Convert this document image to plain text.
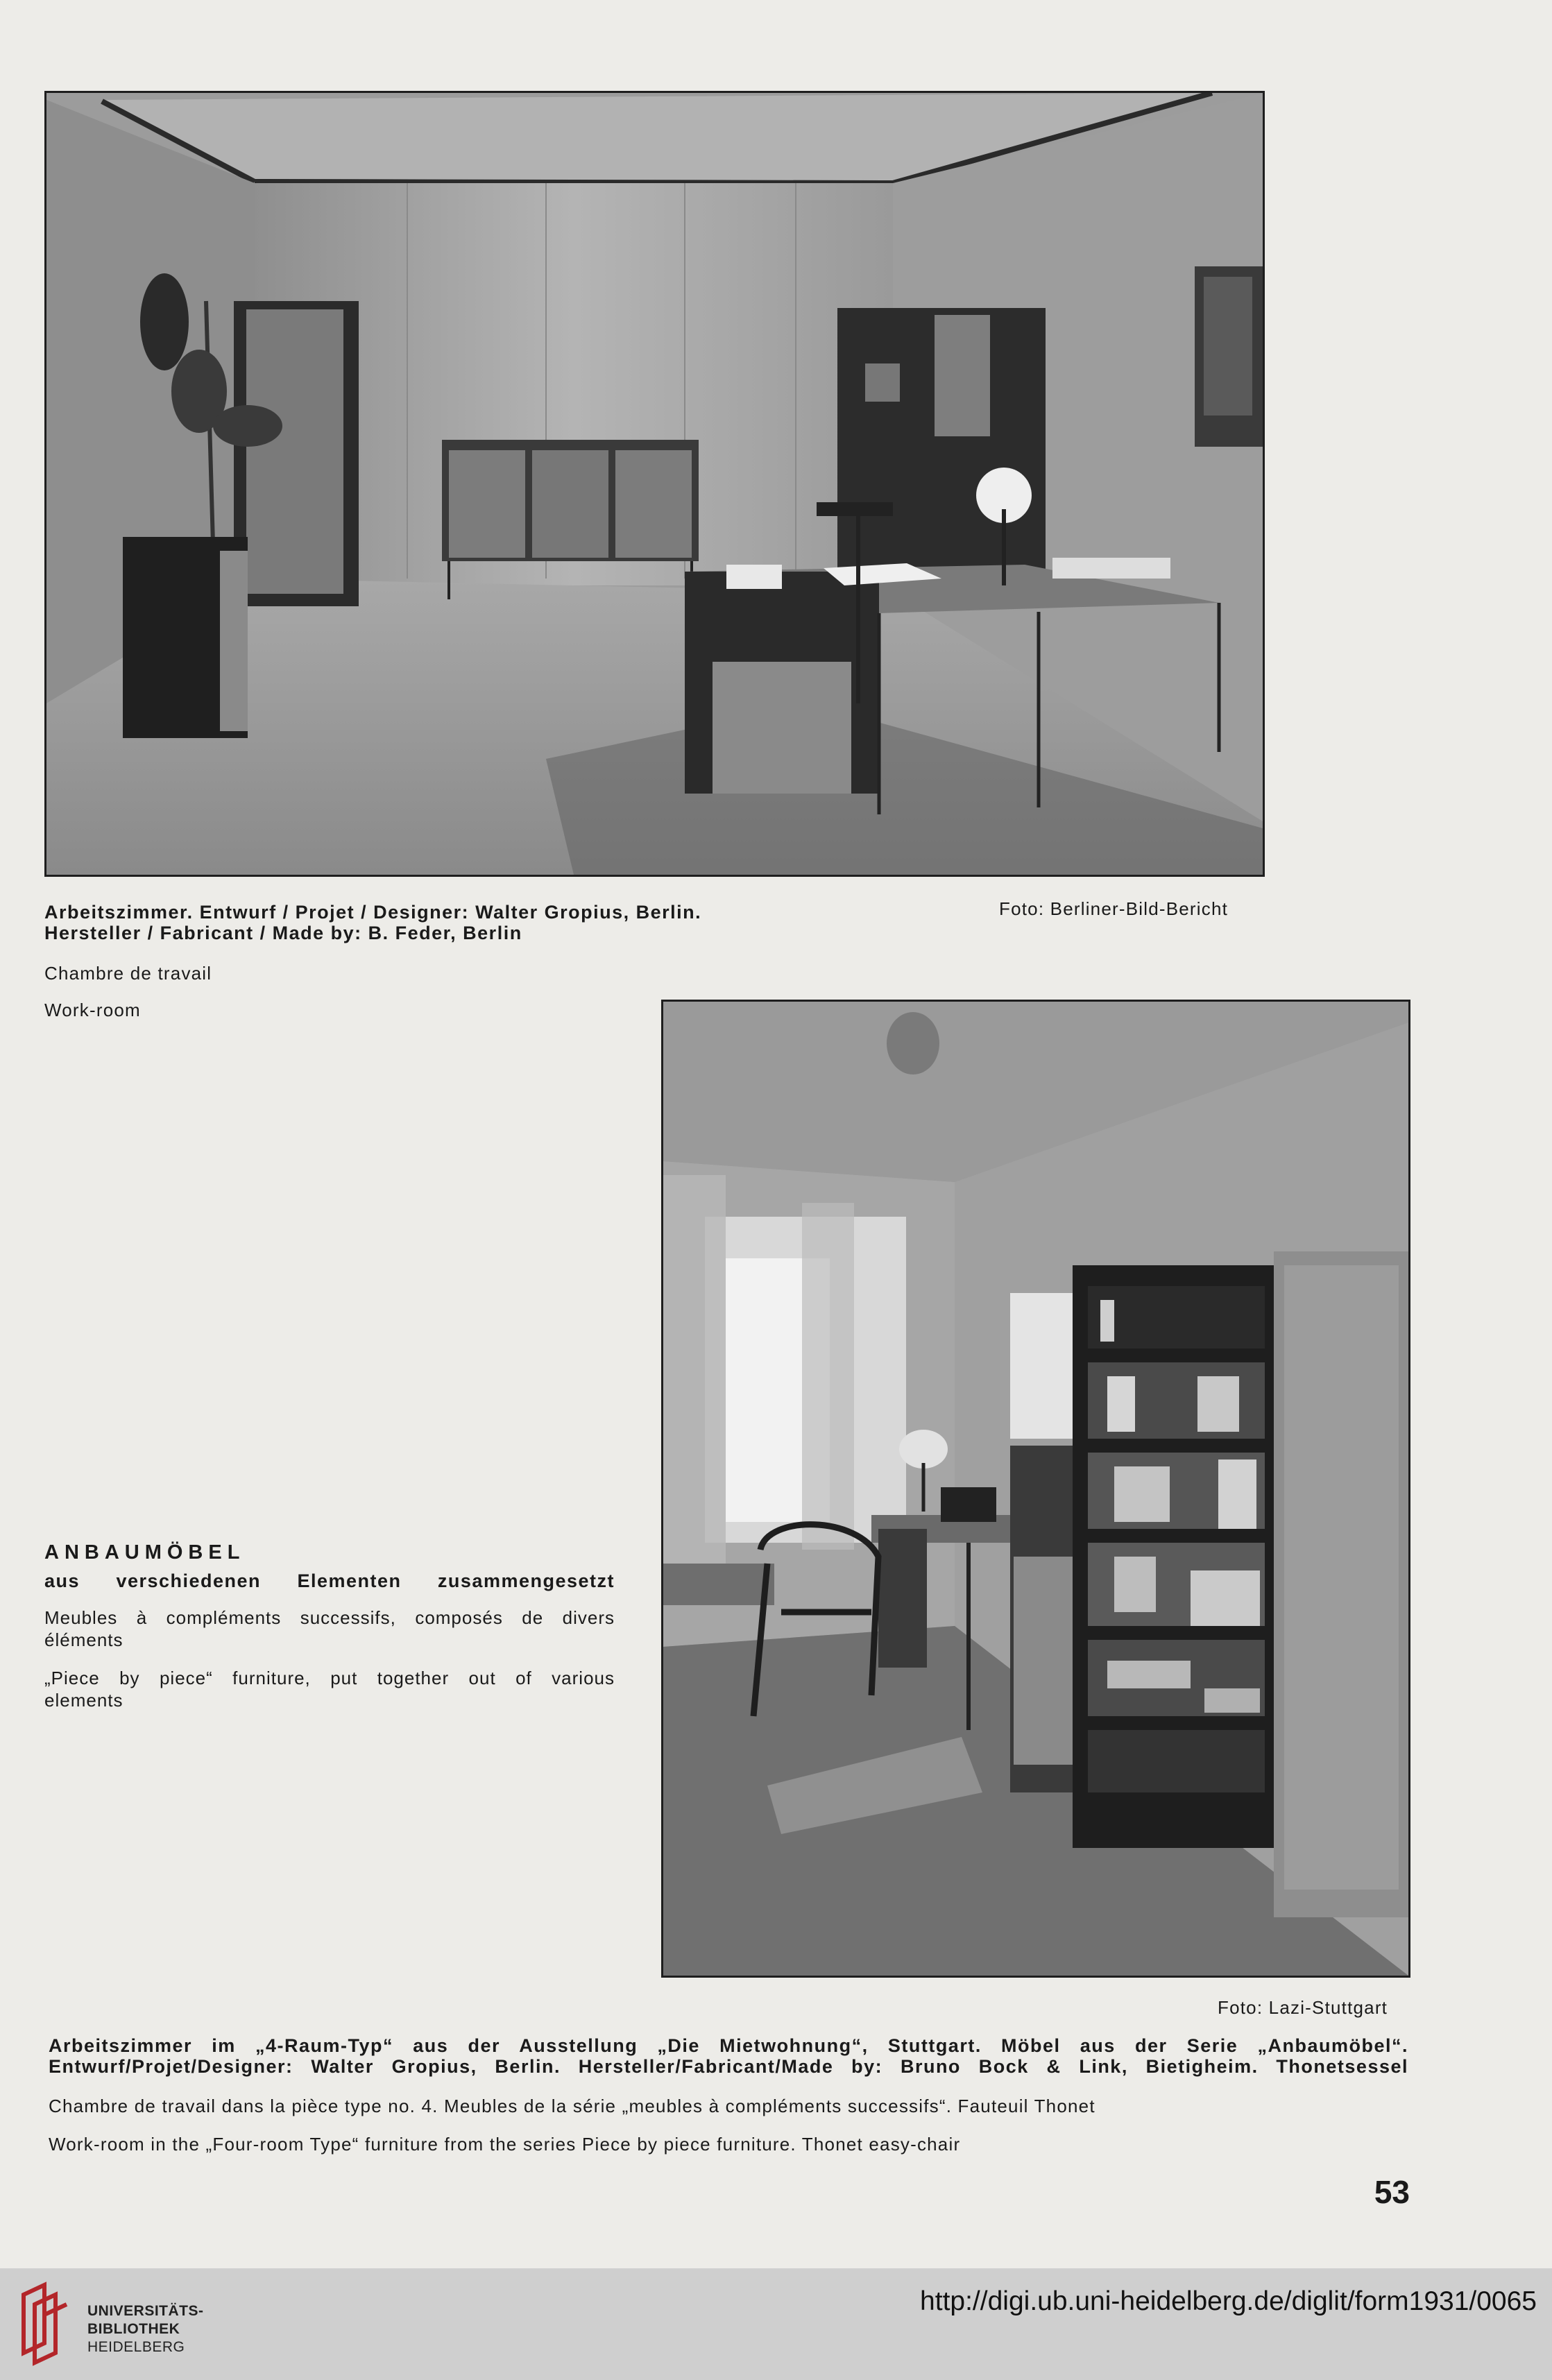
Arbeitszimmer. Entwurf / Projet / Designer: Walter Gropius, Berlin.
Hersteller / Fabricant / Made by: B. Feder, Berlin
Foto: Berliner-Bild-Bericht
Chambre de travail
Work-room
ANBAUMÖBEL
aus verschiedenen Elementen zusammengesetzt
Meubles à compléments successifs, composés de divers
éléments
„Piece by piece“ furniture, put together out of various
elements
Foto: Lazi-Stuttgart
Arbeitszimmer im „4-Raum-Typ“ aus der Ausstellung „Die Mietwohnung“, Stuttgart. Möbel aus der Serie „Anbaumöbel“.
Entwurf/Projet/Designer: Walter Gropius, Berlin. Hersteller/Fabricant/Made by: Bruno Bock & Link, Bietigheim. Thonetsessel
Chambre de travail dans la pièce type no. 4. Meubles de la série „meubles à compléments successifs“. Fauteuil Thonet
Work-room in the „Four-room Type“ furniture from the series Piece by piece furniture. Thonet easy-chair
53
UNIVERSITÄTS-
BIBLIOTHEK
HEIDELBERG
http://digi.ub.uni-heidelberg.de/diglit/form1931/0065
